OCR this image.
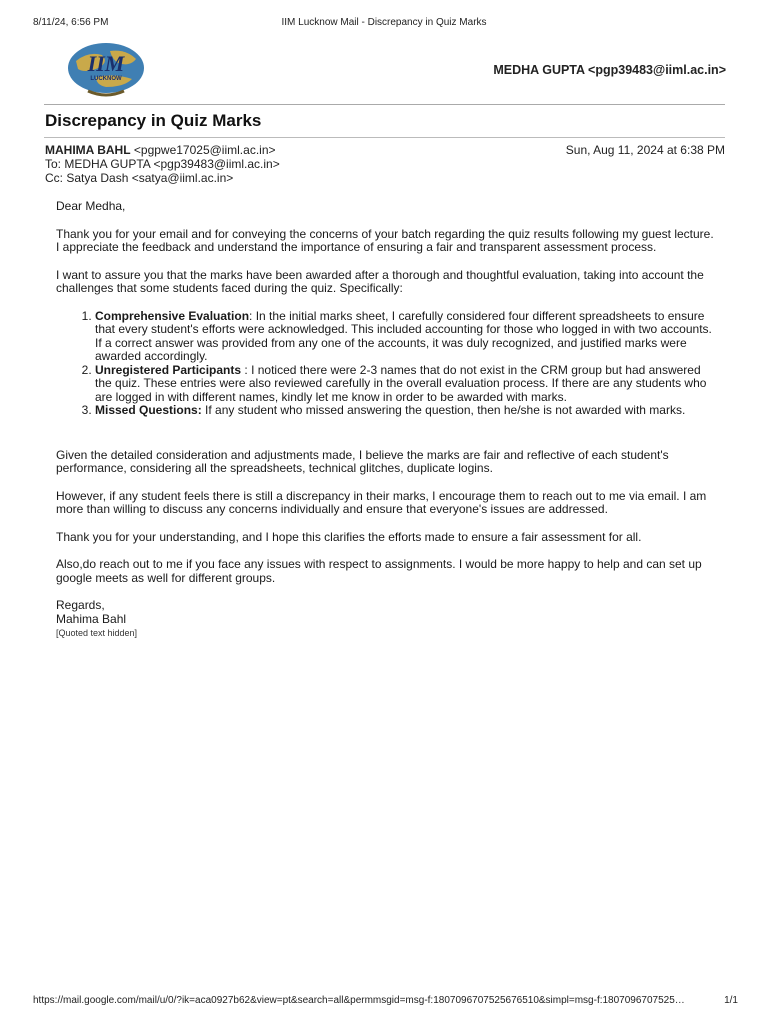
8/11/24, 6:56 PM	IIM Lucknow Mail - Discrepancy in Quiz Marks
IIM
LUCKNOW
MEDHA GUPTA <pgp39483@iiml.ac.in>
Discrepancy in Quiz Marks
MAHIMA BAHL <pgpwe17025@iiml.ac.in>	Sun, Aug 11, 2024 at 6:38 PM
To: MEDHA GUPTA <pgp39483@iiml.ac.in>
Cc: Satya Dash <satya@iiml.ac.in>

Dear Medha,

Thank you for your email and for conveying the concerns of your batch regarding the quiz results following my guest lecture. I appreciate the feedback and understand the importance of ensuring a fair and transparent assessment process.

I want to assure you that the marks have been awarded after a thorough and thoughtful evaluation, taking into account the challenges that some students faced during the quiz. Specifically:

1. Comprehensive Evaluation: In the initial marks sheet, I carefully considered four different spreadsheets to ensure that every student's efforts were acknowledged. This included accounting for those who logged in with two accounts. If a correct answer was provided from any one of the accounts, it was duly recognized, and justified marks were awarded accordingly.
2. Unregistered Participants : I noticed there were 2-3 names that do not exist in the CRM group but had answered the quiz. These entries were also reviewed carefully in the overall evaluation process. If there are any students who are logged in with different names, kindly let me know in order to be awarded with marks.
3. Missed Questions: If any student who missed answering the question, then he/she is not awarded with marks.

Given the detailed consideration and adjustments made, I believe the marks are fair and reflective of each student's performance, considering all the spreadsheets, technical glitches, duplicate logins.

However, if any student feels there is still a discrepancy in their marks, I encourage them to reach out to me via email. I am more than willing to discuss any concerns individually and ensure that everyone's issues are addressed.

Thank you for your understanding, and I hope this clarifies the efforts made to ensure a fair assessment for all.

Also,do reach out to me if you face any issues with respect to assignments. I would be more happy to help and can set up google meets as well for different groups.

Regards,
Mahima Bahl
[Quoted text hidden]
https://mail.google.com/mail/u/0/?ik=aca0927b62&view=pt&search=all&permmsgid=msg-f:1807096707525676510&simpl=msg-f:1807096707525…	1/1
